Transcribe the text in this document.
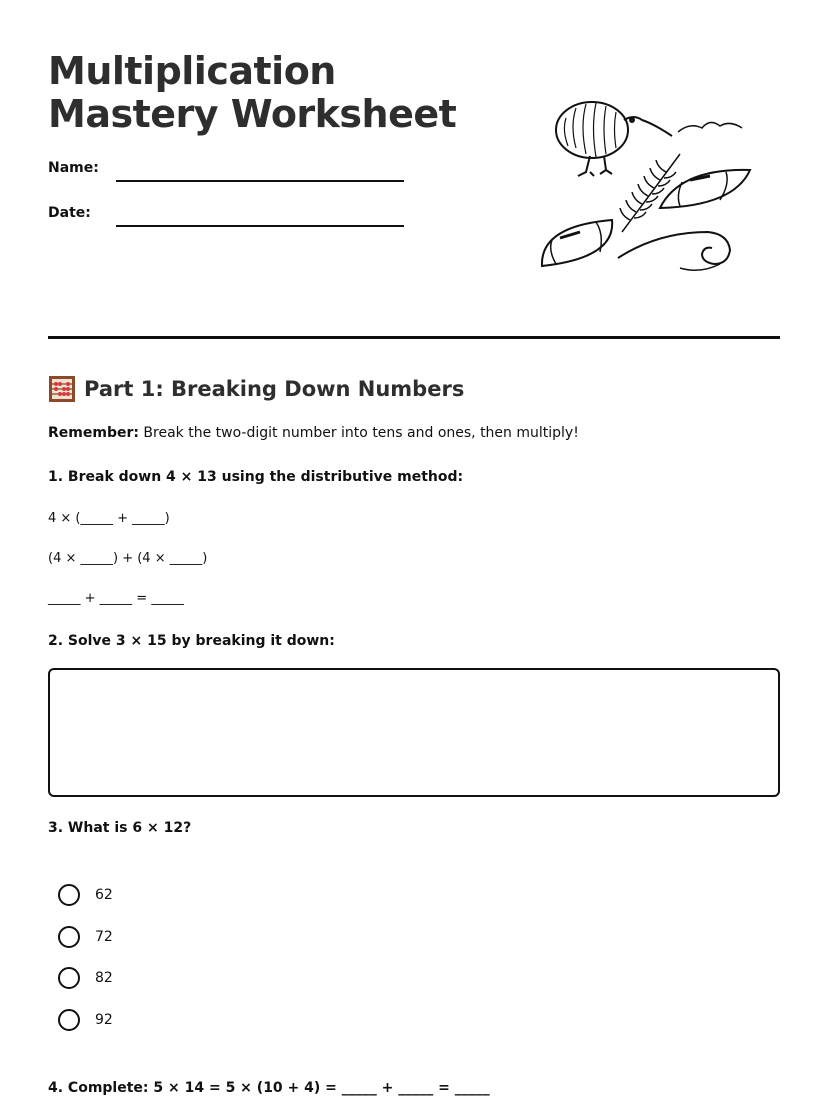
Multiplication Mastery Worksheet
Name:
Date:
Part 1: Breaking Down Numbers
Remember: Break the two-digit number into tens and ones, then multiply!
1. Break down 4 × 13 using the distributive method:
4 × (_____ + _____)
(4 × _____) + (4 × _____)
_____ + _____ = _____
2. Solve 3 × 15 by breaking it down:
3. What is 6 × 12?
62
72
82
92
4. Complete: 5 × 14 = 5 × (10 + 4) = _____ + _____ = _____
